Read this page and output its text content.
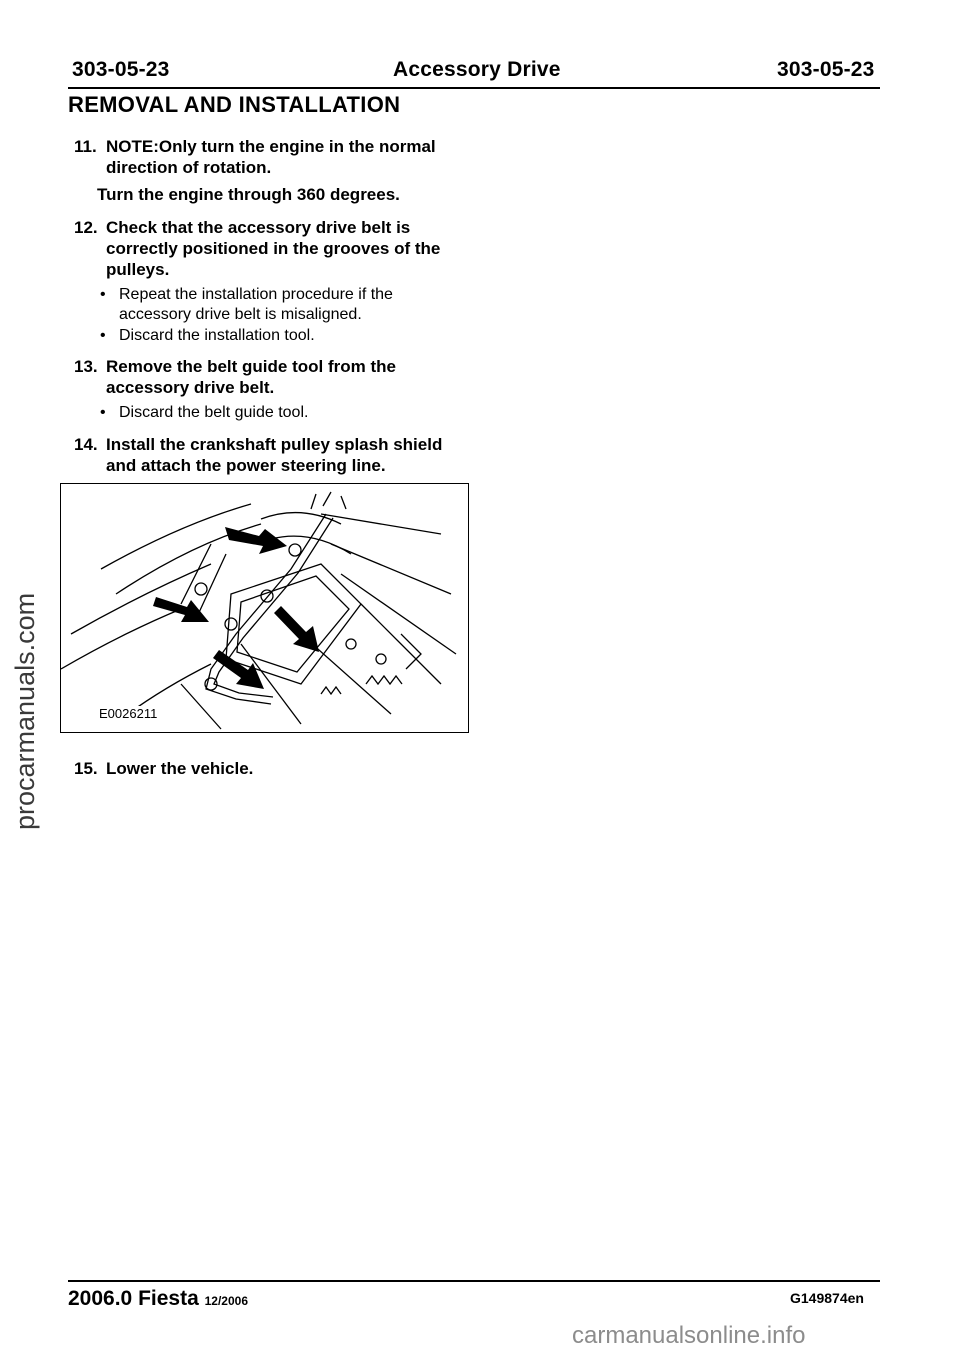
303-05-23	Accessory Drive	303-05-23
REMOVAL AND INSTALLATION
11. NOTE:Only turn the engine in the normal direction of rotation.
Turn the engine through 360 degrees.
12. Check that the accessory drive belt is correctly positioned in the grooves of the pulleys.
• Repeat the installation procedure if the accessory drive belt is misaligned.
• Discard the installation tool.
13. Remove the belt guide tool from the accessory drive belt.
• Discard the belt guide tool.
14. Install the crankshaft pulley splash shield and attach the power steering line.
E0026211
15. Lower the vehicle.
procarmanuals.com
2006.0 Fiesta 12/2006	G149874en
carmanualsonline.info
